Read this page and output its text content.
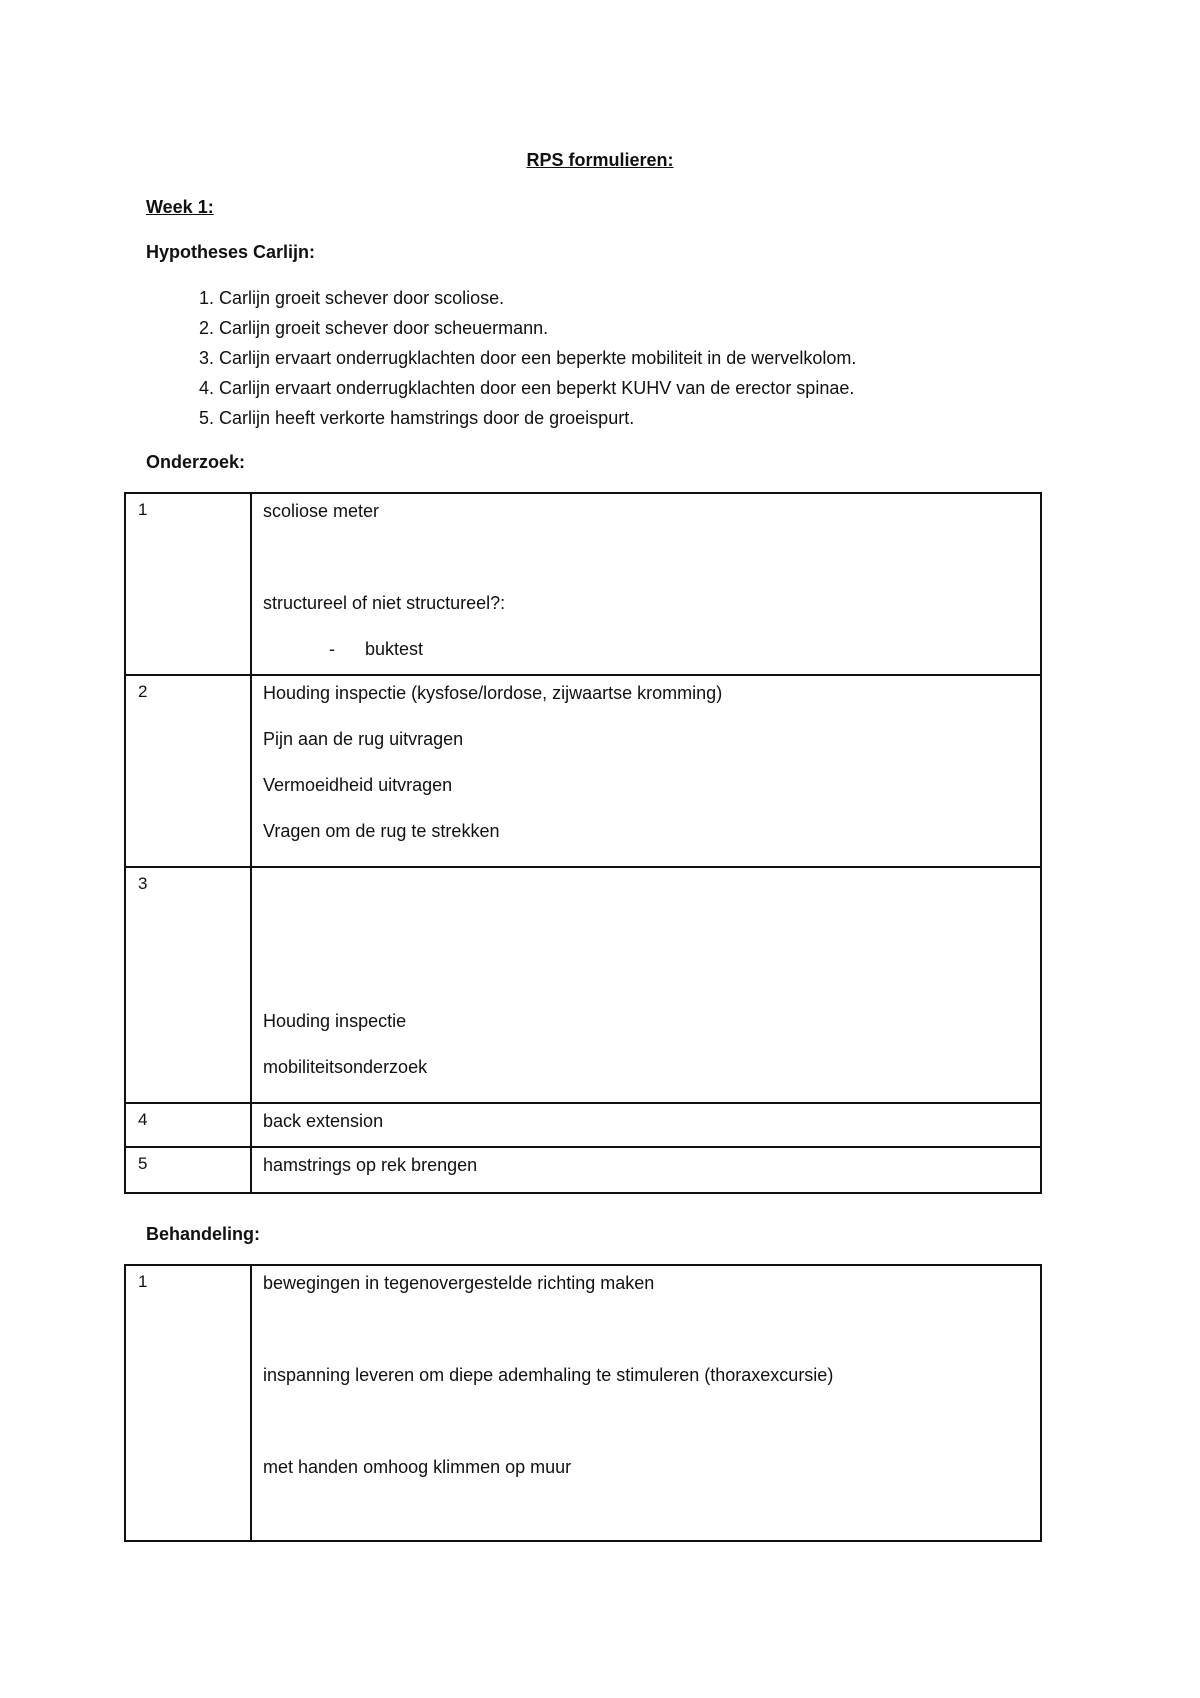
RPS formulieren:
Week 1:
Hypotheses Carlijn:
1. Carlijn groeit schever door scoliose.
2. Carlijn groeit schever door scheuermann.
3. Carlijn ervaart onderrugklachten door een beperkte mobiliteit in de wervelkolom.
4. Carlijn ervaart onderrugklachten door een beperkt KUHV van de erector spinae.
5. Carlijn heeft verkorte hamstrings door de groeispurt.
Onderzoek:
1	scoliose meter
structureel of niet structureel?:
- buktest

2	Houding inspectie (kysfose/lordose, zijwaartse kromming)
Pijn aan de rug uitvragen
Vermoeidheid uitvragen
Vragen om de rug te strekken

3	Houding inspectie
mobiliteitsonderzoek

4	back extension

5	hamstrings op rek brengen
Behandeling:
1	bewegingen in tegenovergestelde richting maken
inspanning leveren om diepe ademhaling te stimuleren (thoraxexcursie)
met handen omhoog klimmen op muur
